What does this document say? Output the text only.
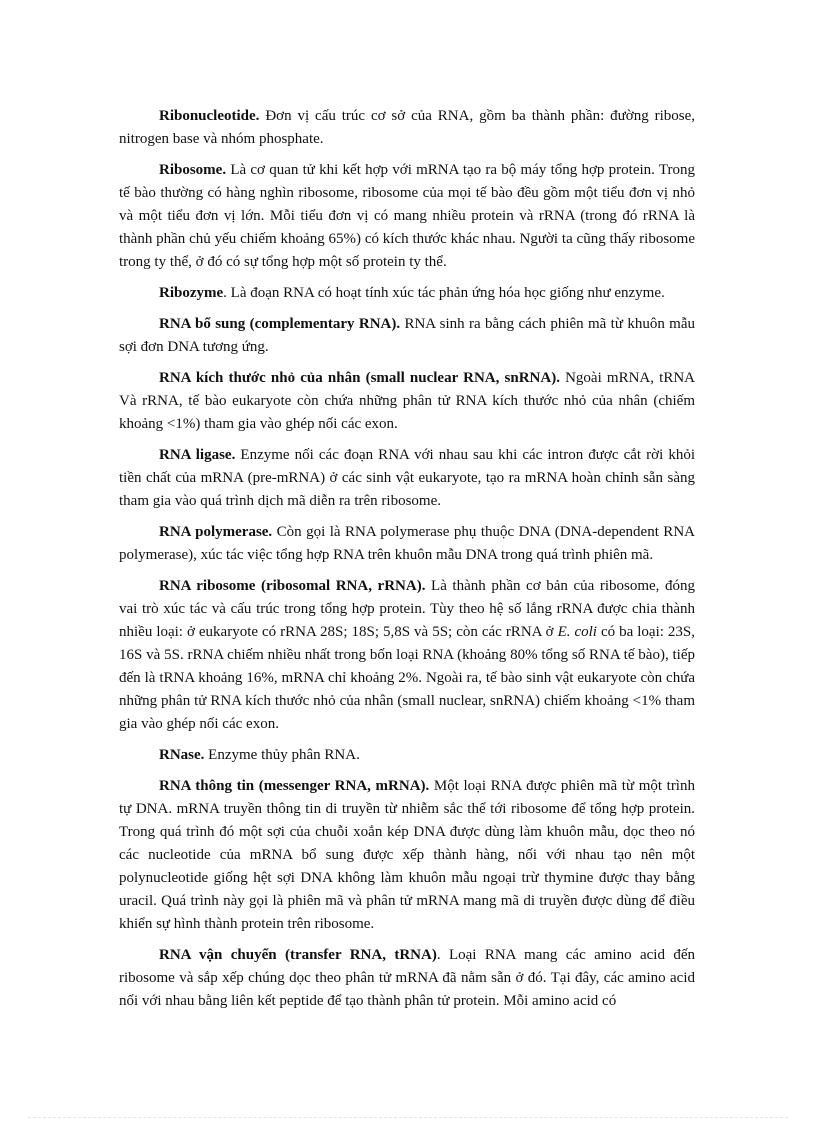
Ribonucleotide. Đơn vị cấu trúc cơ sở của RNA, gồm ba thành phần: đường ribose, nitrogen base và nhóm phosphate.

Ribosome. Là cơ quan tử khi kết hợp với mRNA tạo ra bộ máy tổng hợp protein. Trong tế bào thường có hàng nghìn ribosome, ribosome của mọi tế bào đều gồm một tiểu đơn vị nhỏ và một tiểu đơn vị lớn. Mỗi tiểu đơn vị có mang nhiều protein và rRNA (trong đó rRNA là thành phần chủ yếu chiếm khoảng 65%) có kích thước khác nhau. Người ta cũng thấy ribosome trong ty thể, ở đó có sự tổng hợp một số protein ty thể.

Ribozyme. Là đoạn RNA có hoạt tính xúc tác phản ứng hóa học giống như enzyme.

RNA bổ sung (complementary RNA). RNA sinh ra bằng cách phiên mã từ khuôn mẫu sợi đơn DNA tương ứng.

RNA kích thước nhỏ của nhân (small nuclear RNA, snRNA). Ngoài mRNA, tRNA Và rRNA, tế bào eukaryote còn chứa những phân tử RNA kích thước nhỏ của nhân (chiếm khoảng <1%) tham gia vào ghép nối các exon.

RNA ligase. Enzyme nối các đoạn RNA với nhau sau khi các intron được cắt rời khỏi tiền chất của mRNA (pre-mRNA) ở các sinh vật eukaryote, tạo ra mRNA hoàn chỉnh sẵn sàng tham gia vào quá trình dịch mã diễn ra trên ribosome.

RNA polymerase. Còn gọi là RNA polymerase phụ thuộc DNA (DNA-dependent RNA polymerase), xúc tác việc tổng hợp RNA trên khuôn mẫu DNA trong quá trình phiên mã.

RNA ribosome (ribosomal RNA, rRNA). Là thành phần cơ bản của ribosome, đóng vai trò xúc tác và cấu trúc trong tổng hợp protein. Tùy theo hệ số lắng rRNA được chia thành nhiều loại: ở eukaryote có rRNA 28S; 18S; 5,8S và 5S; còn các rRNA ở E. coli có ba loại: 23S, 16S và 5S. rRNA chiếm nhiều nhất trong bốn loại RNA (khoảng 80% tổng số RNA tế bào), tiếp đến là tRNA khoảng 16%, mRNA chỉ khoảng 2%. Ngoài ra, tế bào sinh vật eukaryote còn chứa những phân tử RNA kích thước nhỏ của nhân (small nuclear, snRNA) chiếm khoảng <1% tham gia vào ghép nối các exon.

RNase. Enzyme thủy phân RNA.

RNA thông tin (messenger RNA, mRNA). Một loại RNA được phiên mã từ một trình tự DNA. mRNA truyền thông tin di truyền từ nhiễm sắc thể tới ribosome để tổng hợp protein. Trong quá trình đó một sợi của chuỗi xoắn kép DNA được dùng làm khuôn mẫu, dọc theo nó các nucleotide của mRNA bổ sung được xếp thành hàng, nối với nhau tạo nên một polynucleotide giống hệt sợi DNA không làm khuôn mẫu ngoại trừ thymine được thay bằng uracil. Quá trình này gọi là phiên mã và phân tử mRNA mang mã di truyền được dùng để điều khiển sự hình thành protein trên ribosome.

RNA vận chuyển (transfer RNA, tRNA). Loại RNA mang các amino acid đến ribosome và sắp xếp chúng dọc theo phân tử mRNA đã nằm sẵn ở đó. Tại đây, các amino acid nối với nhau bằng liên kết peptide để tạo thành phân tử protein. Mỗi amino acid có
